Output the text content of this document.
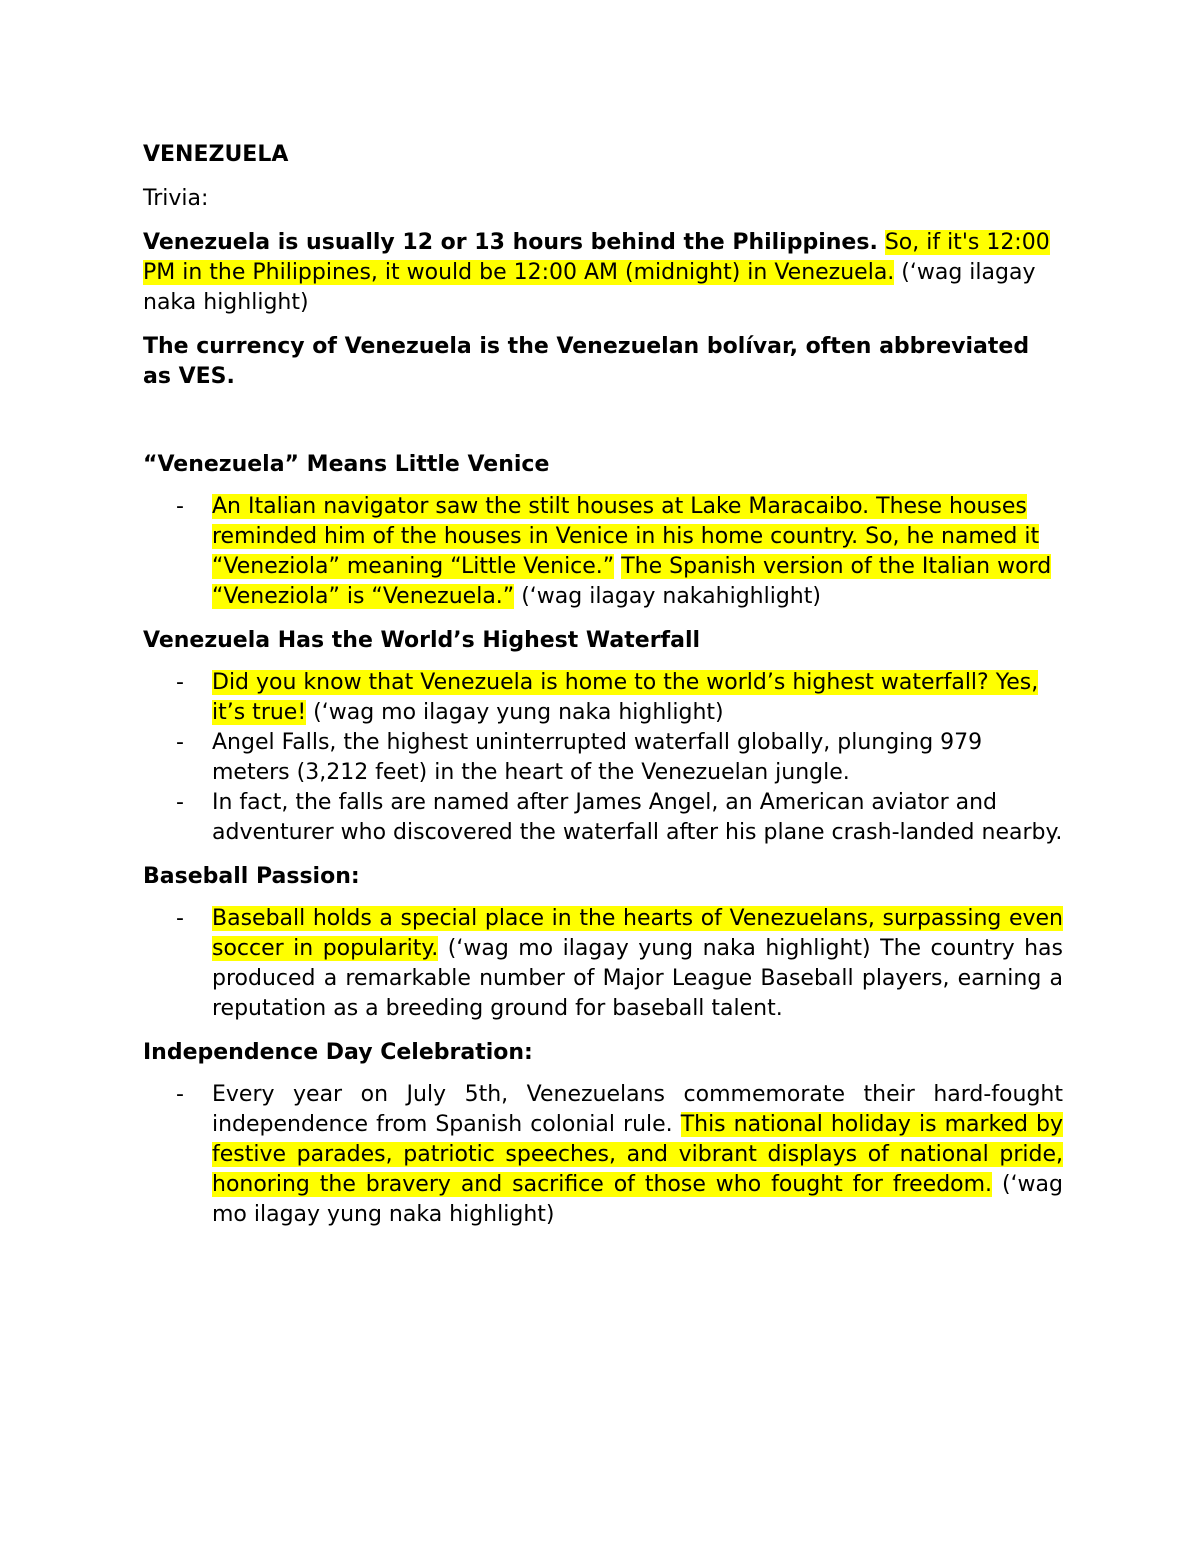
VENEZUELA
Trivia:
Venezuela is usually 12 or 13 hours behind the Philippines. So, if it's 12:00 PM in the Philippines, it would be 12:00 AM (midnight) in Venezuela. (‘wag ilagay naka highlight)
The currency of Venezuela is the Venezuelan bolívar, often abbreviated as VES.
“Venezuela” Means Little Venice
- An Italian navigator saw the stilt houses at Lake Maracaibo. These houses reminded him of the houses in Venice in his home country. So, he named it “Veneziola” meaning “Little Venice.” The Spanish version of the Italian word “Veneziola” is “Venezuela.” (‘wag ilagay nakahighlight)
Venezuela Has the World’s Highest Waterfall
- Did you know that Venezuela is home to the world’s highest waterfall? Yes, it’s true! (‘wag mo ilagay yung naka highlight)
- Angel Falls, the highest uninterrupted waterfall globally, plunging 979 meters (3,212 feet) in the heart of the Venezuelan jungle.
- In fact, the falls are named after James Angel, an American aviator and adventurer who discovered the waterfall after his plane crash-landed nearby.
Baseball Passion:
- Baseball holds a special place in the hearts of Venezuelans, surpassing even soccer in popularity. (‘wag mo ilagay yung naka highlight) The country has produced a remarkable number of Major League Baseball players, earning a reputation as a breeding ground for baseball talent.
Independence Day Celebration:
- Every year on July 5th, Venezuelans commemorate their hard-fought independence from Spanish colonial rule. This national holiday is marked by festive parades, patriotic speeches, and vibrant displays of national pride, honoring the bravery and sacrifice of those who fought for freedom. (‘wag mo ilagay yung naka highlight)
